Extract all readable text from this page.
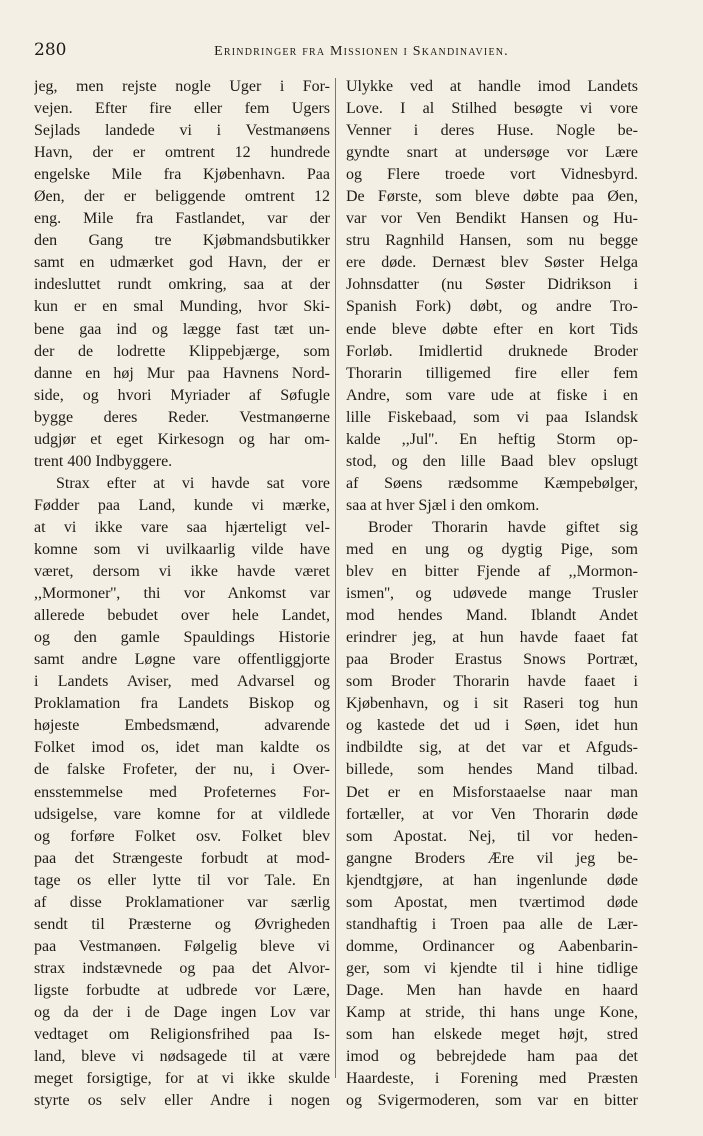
280	Erindringer fra Missionen i Skandinavien.
jeg, men rejste nogle Uger i For-
vejen. Efter fire eller fem Ugers
Sejlads landede vi i Vestmanøens
Havn, der er omtrent 12 hundrede
engelske Mile fra Kjøbenhavn. Paa
Øen, der er beliggende omtrent 12
eng. Mile fra Fastlandet, var der
den Gang tre Kjøbmandsbutikker
samt en udmærket god Havn, der er
indesluttet rundt omkring, saa at der
kun er en smal Munding, hvor Ski-
bene gaa ind og lægge fast tæt un-
der de lodrette Klippebjærge, som
danne en høj Mur paa Havnens Nord-
side, og hvori Myriader af Søfugle
bygge deres Reder. Vestmanøerne
udgjør et eget Kirkesogn og har om-
trent 400 Indbyggere.
Strax efter at vi havde sat vore
Fødder paa Land, kunde vi mærke,
at vi ikke vare saa hjærteligt vel-
komne som vi uvilkaarlig vilde have
været, dersom vi ikke havde været
,,Mormoner'', thi vor Ankomst var
allerede bebudet over hele Landet,
og den gamle Spauldings Historie
samt andre Løgne vare offentliggjorte
i Landets Aviser, med Advarsel og
Proklamation fra Landets Biskop og
højeste Embedsmænd, advarende
Folket imod os, idet man kaldte os
de falske Frofeter, der nu, i Over-
ensstemmelse med Profeternes For-
udsigelse, vare komne for at vildlede
og forføre Folket osv. Folket blev
paa det Strængeste forbudt at mod-
tage os eller lytte til vor Tale. En
af disse Proklamationer var særlig
sendt til Præsterne og Øvrigheden
paa Vestmanøen. Følgelig bleve vi
strax indstævnede og paa det Alvor-
ligste forbudte at udbrede vor Lære,
og da der i de Dage ingen Lov var
vedtaget om Religionsfrihed paa Is-
land, bleve vi nødsagede til at være
meget forsigtige, for at vi ikke skulde
styrte os selv eller Andre i nogen
Ulykke ved at handle imod Landets
Love. I al Stilhed besøgte vi vore
Venner i deres Huse. Nogle be-
gyndte snart at undersøge vor Lære
og Flere troede vort Vidnesbyrd.
De Første, som bleve døbte paa Øen,
var vor Ven Bendikt Hansen og Hu-
stru Ragnhild Hansen, som nu begge
ere døde. Dernæst blev Søster Helga
Johnsdatter (nu Søster Didrikson i
Spanish Fork) døbt, og andre Tro-
ende bleve døbte efter en kort Tids
Forløb. Imidlertid druknede Broder
Thorarin tilligemed fire eller fem
Andre, som vare ude at fiske i en
lille Fiskebaad, som vi paa Islandsk
kalde ,,Jul''. En heftig Storm op-
stod, og den lille Baad blev opslugt
af Søens rædsomme Kæmpebølger,
saa at hver Sjæl i den omkom.
Broder Thorarin havde giftet sig
med en ung og dygtig Pige, som
blev en bitter Fjende af ,,Mormon-
ismen'', og udøvede mange Trusler
mod hendes Mand. Iblandt Andet
erindrer jeg, at hun havde faaet fat
paa Broder Erastus Snows Portræt,
som Broder Thorarin havde faaet i
Kjøbenhavn, og i sit Raseri tog hun
og kastede det ud i Søen, idet hun
indbildte sig, at det var et Afguds-
billede, som hendes Mand tilbad.
Det er en Misforstaaelse naar man
fortæller, at vor Ven Thorarin døde
som Apostat. Nej, til vor heden-
gangne Broders Ære vil jeg be-
kjendtgjøre, at han ingenlunde døde
som Apostat, men tværtimod døde
standhaftig i Troen paa alle de Lær-
domme, Ordinancer og Aabenbarin-
ger, som vi kjendte til i hine tidlige
Dage. Men han havde en haard
Kamp at stride, thi hans unge Kone,
som han elskede meget højt, stred
imod og bebrejdede ham paa det
Haardeste, i Forening med Præsten
og Svigermoderen, som var en bitter
